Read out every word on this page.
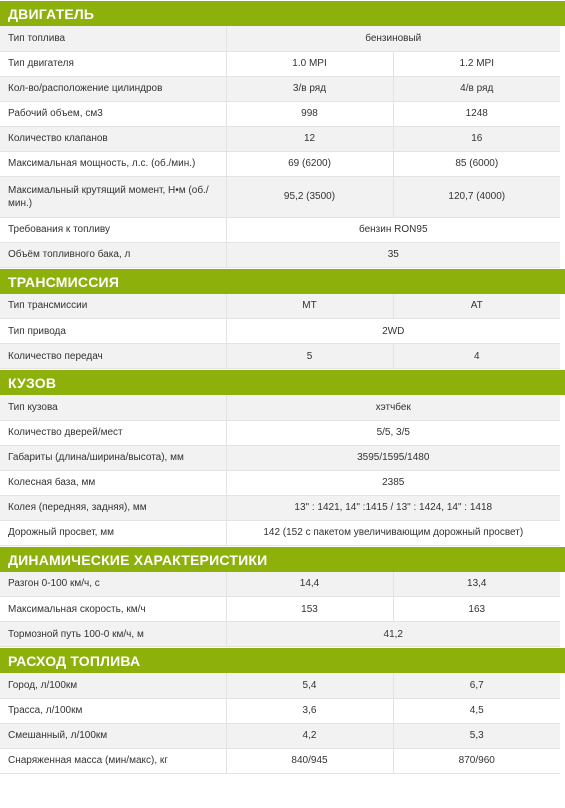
ДВИГАТЕЛЬ
Тип топлива	бензиновый	
Тип двигателя	1.0 MPI	1.2 MPI
Кол-во/расположение цилиндров	3/в ряд	4/в ряд
Рабочий объем, см3	998	1248
Количество клапанов	12	16
Максимальная мощность, л.с. (об./мин.)	69 (6200)	85 (6000)
Максимальный крутящий момент, Н•м (об./мин.)	95,2 (3500)	120,7 (4000)
Требования к топливу	бензин RON95	
Объём топливного бака, л	35	
ТРАНСМИССИЯ
Тип трансмиссии	MT	AT
Тип привода	2WD	
Количество передач	5	4
КУЗОВ
Тип кузова	хэтчбек
Количество дверей/мест	5/5, 3/5
Габариты (длина/ширина/высота), мм	3595/1595/1480
Колесная база, мм	2385
Колея (передняя, задняя), мм	13" : 1421, 14" :1415 / 13" : 1424, 14" : 1418
Дорожный просвет, мм	142 (152 с пакетом увеличивающим дорожный просвет)
ДИНАМИЧЕСКИЕ ХАРАКТЕРИСТИКИ
Разгон 0-100 км/ч, с	14,4	13,4
Максимальная скорость, км/ч	153	163
Тормозной путь 100-0 км/ч, м	41,2	
РАСХОД ТОПЛИВА
Город, л/100км	5,4	6,7
Трасса, л/100км	3,6	4,5
Смешанный, л/100км	4,2	5,3
Снаряженная масса (мин/макс), кг	840/945	870/960
